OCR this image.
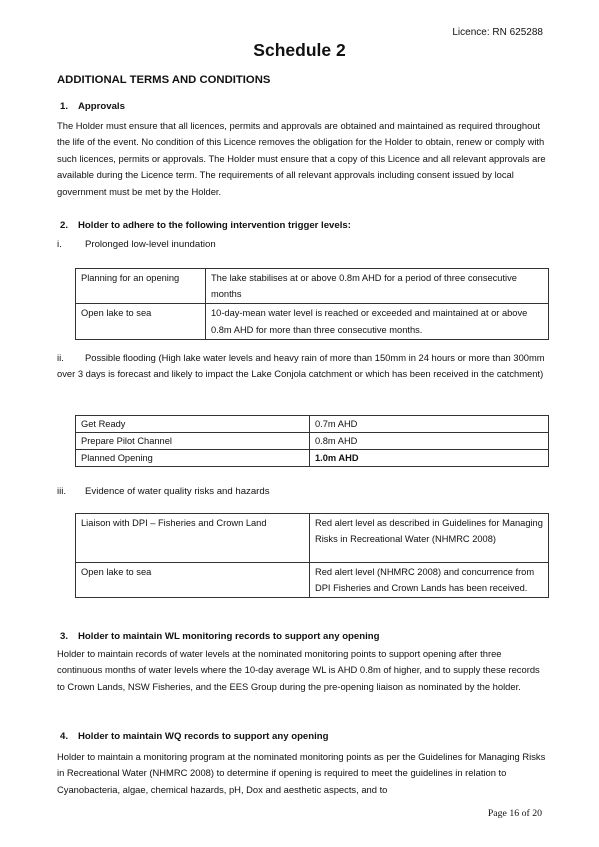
Licence: RN 625288
Schedule 2
ADDITIONAL TERMS AND CONDITIONS
1. Approvals
The Holder must ensure that all licences, permits and approvals are obtained and maintained as required throughout the life of the event. No condition of this Licence removes the obligation for the Holder to obtain, renew or comply with such licences, permits or approvals. The Holder must ensure that a copy of this Licence and all relevant approvals are available during the Licence term. The requirements of all relevant approvals including consent issued by local government must be met by the Holder.
2. Holder to adhere to the following intervention trigger levels:
i. Prolonged low-level inundation
Planning for an opening	The lake stabilises at or above 0.8m AHD for a period of three consecutive months
Open lake to sea	10-day-mean water level is reached or exceeded and maintained at or above 0.8m AHD for more than three consecutive months.
ii. Possible flooding (High lake water levels and heavy rain of more than 150mm in 24 hours or more than 300mm over 3 days is forecast and likely to impact the Lake Conjola catchment or which has been received in the catchment)
Get Ready	0.7m AHD
Prepare Pilot Channel	0.8m AHD
Planned Opening	1.0m AHD
iii. Evidence of water quality risks and hazards
Liaison with DPI – Fisheries and Crown Land	Red alert level as described in Guidelines for Managing Risks in Recreational Water (NHMRC 2008)
Open lake to sea	Red alert level (NHMRC 2008) and concurrence from DPI Fisheries and Crown Lands has been received.
3. Holder to maintain WL monitoring records to support any opening
Holder to maintain records of water levels at the nominated monitoring points to support opening after three continuous months of water levels where the 10-day average WL is AHD 0.8m of higher, and to supply these records to Crown Lands, NSW Fisheries, and the EES Group during the pre-opening liaison as nominated by the holder.
4. Holder to maintain WQ records to support any opening
Holder to maintain a monitoring program at the nominated monitoring points as per the Guidelines for Managing Risks in Recreational Water (NHMRC 2008) to determine if opening is required to meet the guidelines in relation to Cyanobacteria, algae, chemical hazards, pH, Dox and aesthetic aspects, and to
Page 16 of 20
